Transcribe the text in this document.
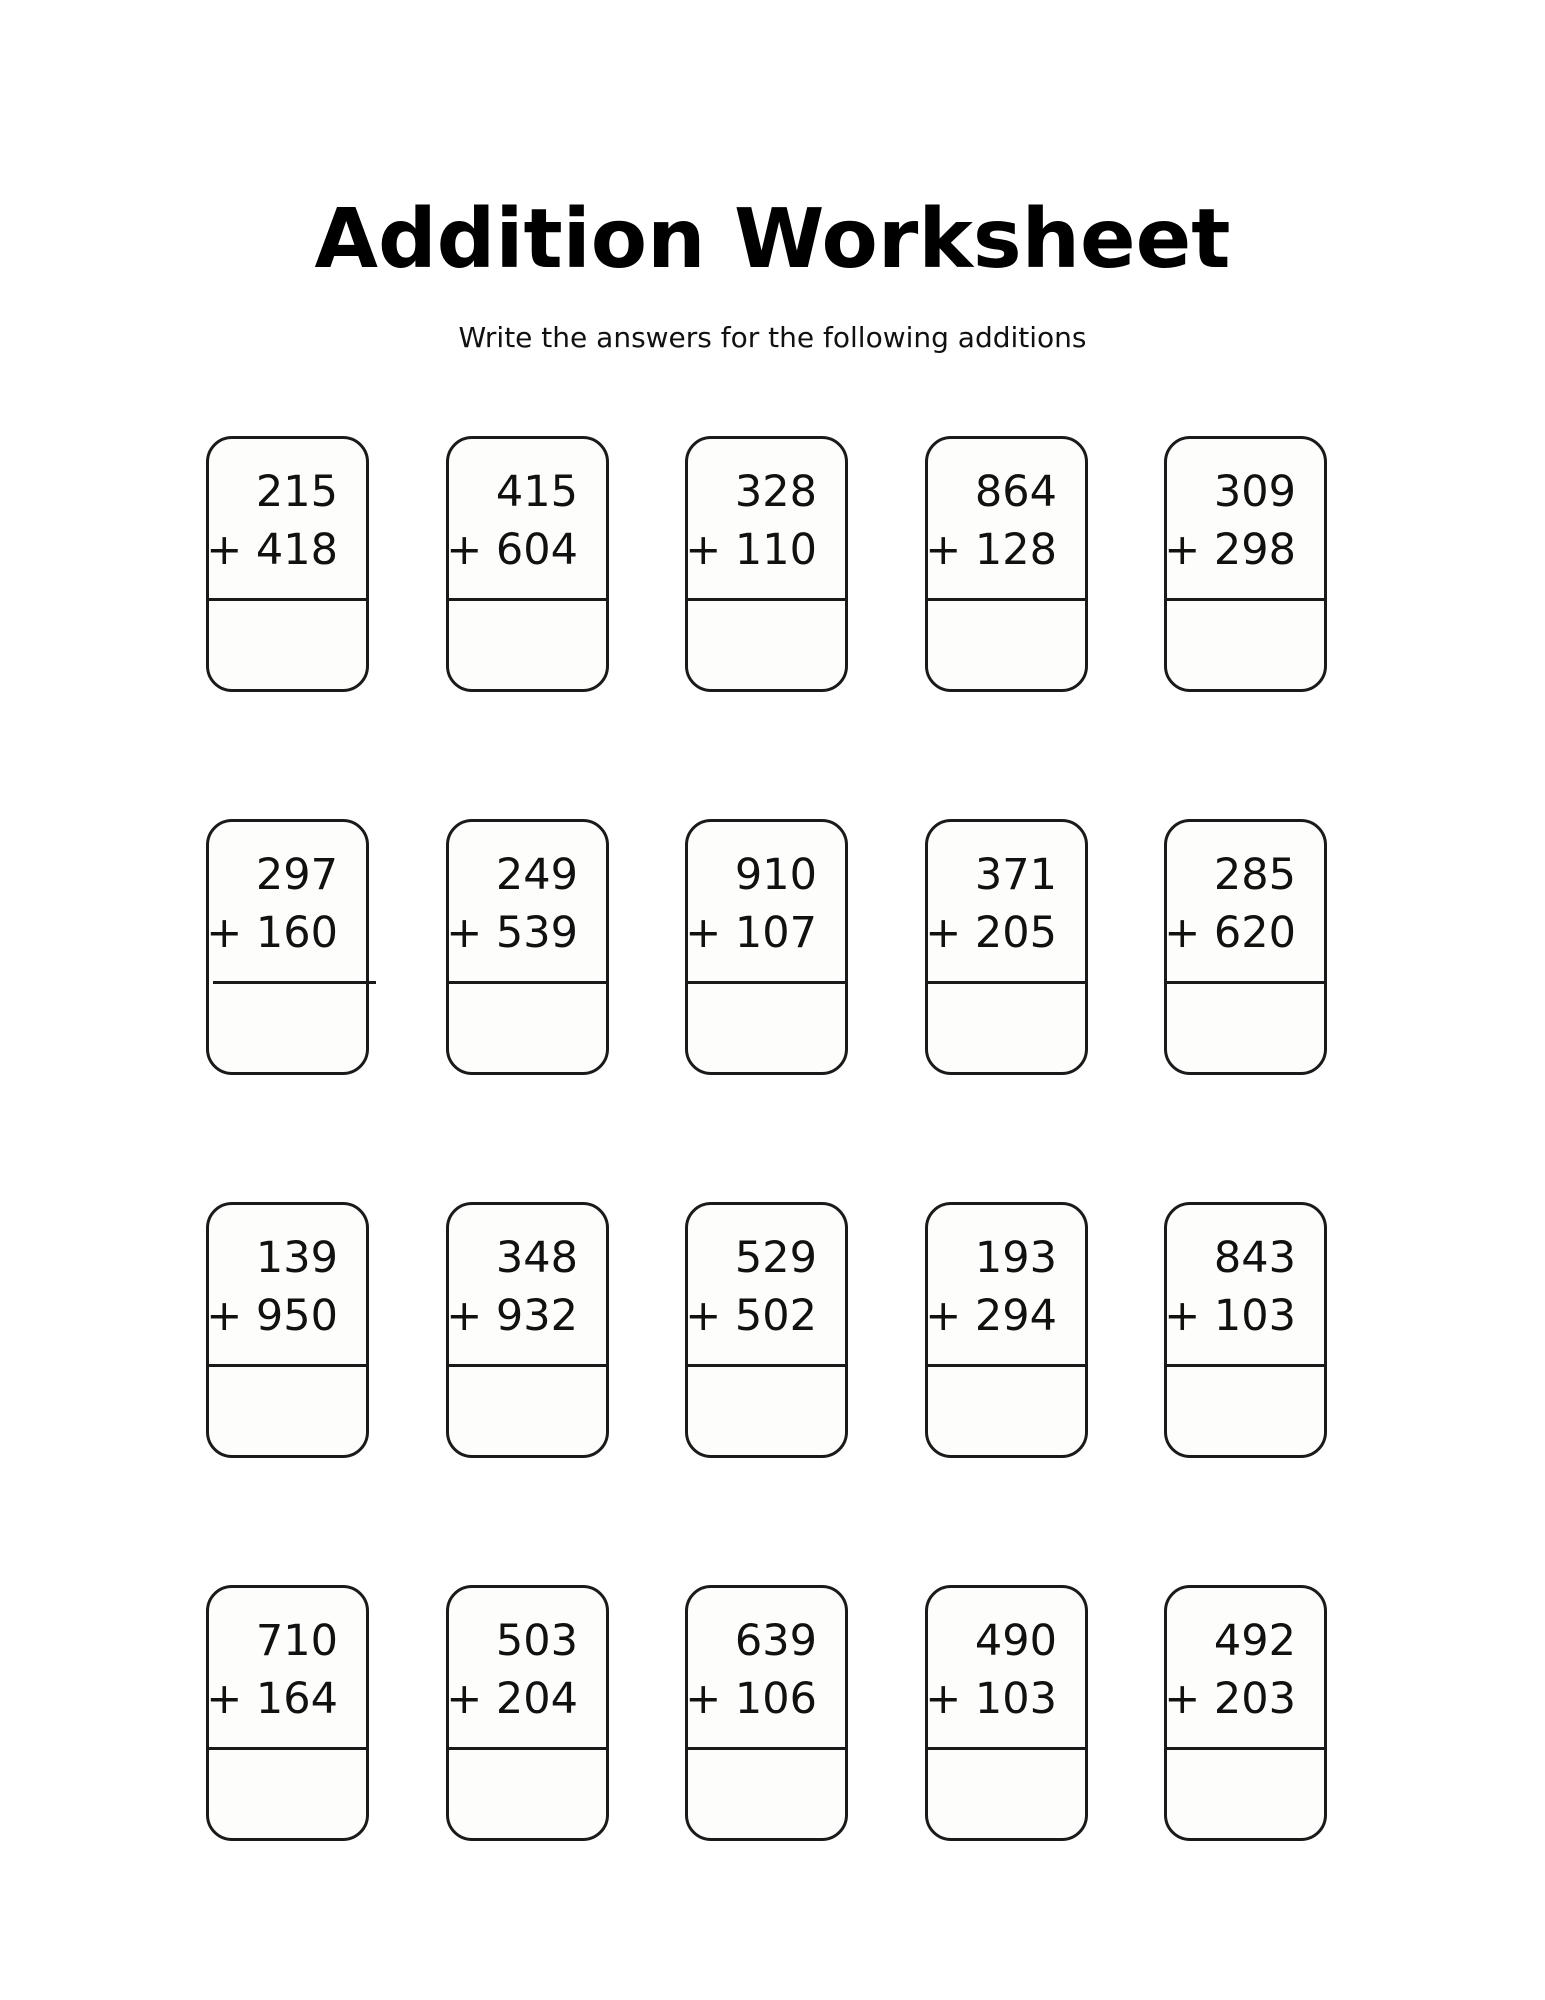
Addition Worksheet
Write the answers for the following additions
215
+ 418
415
+ 604
328
+ 110
864
+ 128
309
+ 298
297
+ 160
249
+ 539
910
+ 107
371
+ 205
285
+ 620
139
+ 950
348
+ 932
529
+ 502
193
+ 294
843
+ 103
710
+ 164
503
+ 204
639
+ 106
490
+ 103
492
+ 203
